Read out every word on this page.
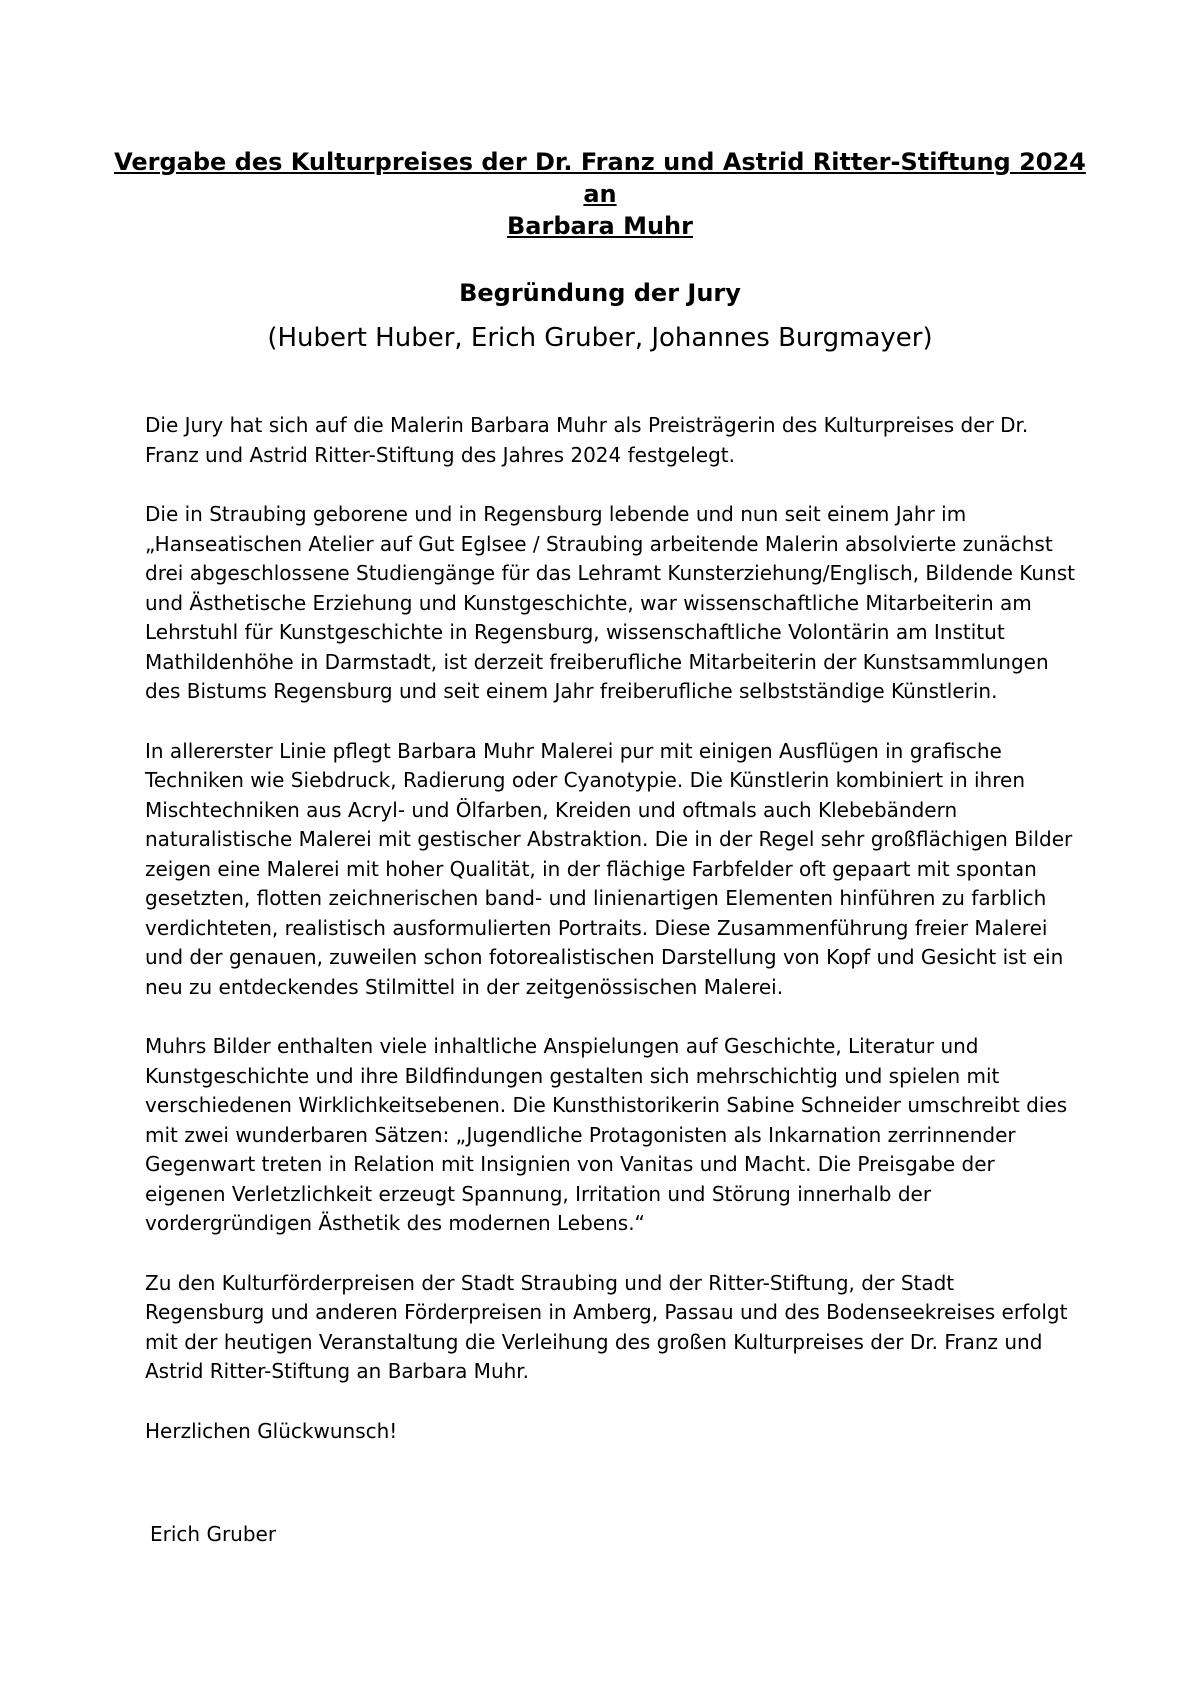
Vergabe des Kulturpreises der Dr. Franz und Astrid Ritter-Stiftung 2024

an

Barbara Muhr

Begründung der Jury

(Hubert Huber, Erich Gruber, Johannes Burgmayer)

Die Jury hat sich auf die Malerin Barbara Muhr als Preisträgerin des Kulturpreises der Dr. Franz und Astrid Ritter-Stiftung des Jahres 2024 festgelegt.

Die in Straubing geborene und in Regensburg lebende und nun seit einem Jahr im „Hanseatischen Atelier auf Gut Eglsee / Straubing arbeitende Malerin absolvierte zunächst drei abgeschlossene Studiengänge für das Lehramt Kunsterziehung/Englisch, Bildende Kunst und Ästhetische Erziehung und Kunstgeschichte, war wissenschaftliche Mitarbeiterin am Lehrstuhl für Kunstgeschichte in Regensburg, wissenschaftliche Volontärin am Institut Mathildenhöhe in Darmstadt, ist derzeit freiberufliche Mitarbeiterin der Kunstsammlungen des Bistums Regensburg und seit einem Jahr freiberufliche selbstständige Künstlerin.

In allererster Linie pflegt Barbara Muhr Malerei pur mit einigen Ausflügen in grafische Techniken wie Siebdruck, Radierung oder Cyanotypie. Die Künstlerin kombiniert in ihren Mischtechniken aus Acryl- und Ölfarben, Kreiden und oftmals auch Klebebändern naturalistische Malerei mit gestischer Abstraktion. Die in der Regel sehr großflächigen Bilder zeigen eine Malerei mit hoher Qualität, in der flächige Farbfelder oft gepaart mit spontan gesetzten, flotten zeichnerischen band- und linienartigen Elementen hinführen zu farblich verdichteten, realistisch ausformulierten Portraits. Diese Zusammenführung freier Malerei und der genauen, zuweilen schon fotorealistischen Darstellung von Kopf und Gesicht ist ein neu zu entdeckendes Stilmittel in der zeitgenössischen Malerei.

Muhrs Bilder enthalten viele inhaltliche Anspielungen auf Geschichte, Literatur und Kunstgeschichte und ihre Bildfindungen gestalten sich mehrschichtig und spielen mit verschiedenen Wirklichkeitsebenen. Die Kunsthistorikerin Sabine Schneider umschreibt dies mit zwei wunderbaren Sätzen: „Jugendliche Protagonisten als Inkarnation zerrinnender Gegenwart treten in Relation mit Insignien von Vanitas und Macht. Die Preisgabe der eigenen Verletzlichkeit erzeugt Spannung, Irritation und Störung innerhalb der vordergründigen Ästhetik des modernen Lebens.“

Zu den Kulturförderpreisen der Stadt Straubing und der Ritter-Stiftung, der Stadt Regensburg und anderen Förderpreisen in Amberg, Passau und des Bodenseekreises erfolgt mit der heutigen Veranstaltung die Verleihung des großen Kulturpreises der Dr. Franz und Astrid Ritter-Stiftung an Barbara Muhr.

Herzlichen Glückwunsch!

Erich Gruber
